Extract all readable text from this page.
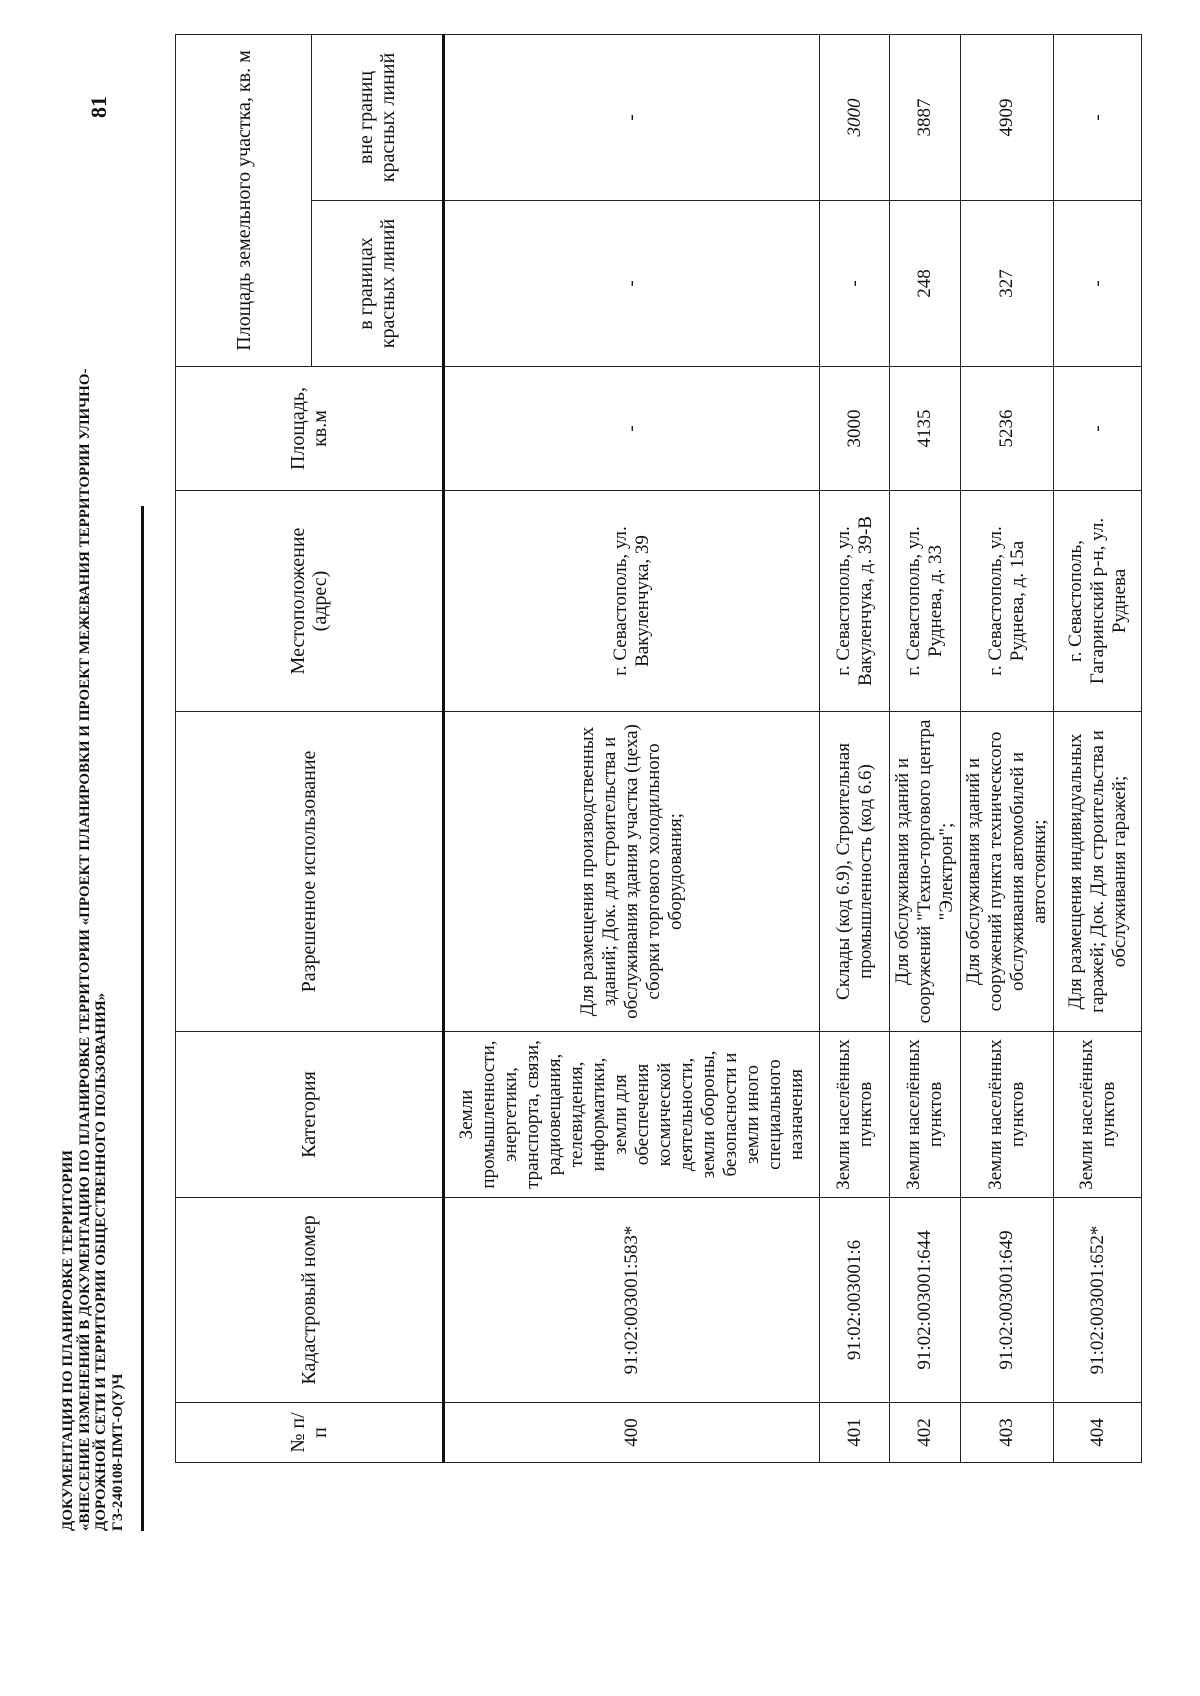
ДОКУМЕНТАЦИЯ ПО ПЛАНИРОВКЕ ТЕРРИТОРИИ «ВНЕСЕНИЕ ИЗМЕНЕНИЙ В ДОКУМЕНТАЦИЮ ПО ПЛАНИРОВКЕ ТЕРРИТОРИИ «ПРОЕКТ ПЛАНИРОВКИ И ПРОЕКТ МЕЖЕВАНИЯ ТЕРРИТОРИИ УЛИЧНО- ДОРОЖНОЙ СЕТИ И ТЕРРИТОРИИ ОБЩЕСТВЕННОГО ПОЛЬЗОВАНИЯ» ГЗ-240108-ПМТ-О(У)Ч
81
№ п/п	Кадастровый номер	Категория	Разрешенное использование	Местоположение (адрес)	Площадь, кв.м	Площадь земельного участка, кв. м	
						в границах красных линий	вне границ красных линий
400	91:02:003001:583*	Земли промышленности, энергетики, транспорта, связи, радиовещания, телевидения, информатики, земли для обеспечения космической деятельности, земли обороны, безопасности и земли иного специального назначения	Для размещения производственных зданий; Док. для строительства и обслуживания здания участка (цеха) сборки торгового холодильного оборудования;	г. Севастополь, ул. Вакуленчука, 39	-	-	-
401	91:02:003001:6	Земли населённых пунктов	Склады (код 6.9), Строительная промышленность (код 6.6)	г. Севастополь, ул. Вакуленчука, д. 39-В	3000	-	3000
402	91:02:003001:644	Земли населённых пунктов	Для обслуживания зданий и сооружений "Техно-торгового центра "Электрон";	г. Севастополь, ул. Руднева, д. 33	4135	248	3887
403	91:02:003001:649	Земли населённых пунктов	Для обслуживания зданий и сооружений пункта техническсого обслуживания автомобилей и автостоянки;	г. Севастополь, ул. Руднева, д. 15а	5236	327	4909
404	91:02:003001:652*	Земли населённых пунктов	Для размещения индивидуальных гаражей; Док. Для строительства и обслуживания гаражей;	г. Севастополь, Гагаринский р-н, ул. Руднева	-	-	-
